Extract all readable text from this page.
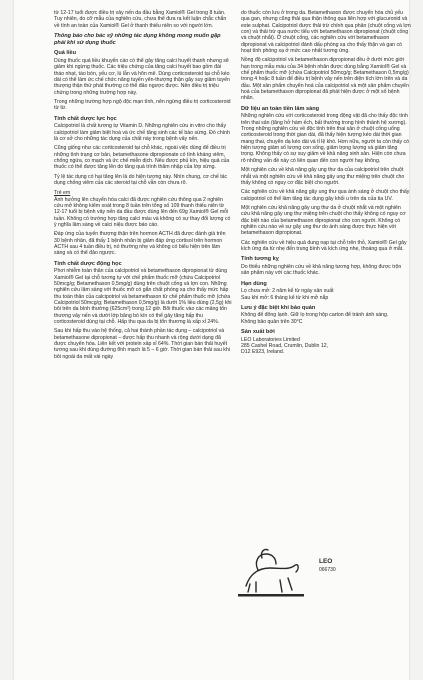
từ 12-17 tuổi được điều trị vảy nến da đầu bằng Xamiol® Gel trong 8 tuần. Tuy nhiên, do cỡ mẫu của nghiên cứu, chưa thể đưa ra kết luận chắc chắn về tính an toàn của Xamiol® Gel ở thanh thiếu niên so với người lớn.

Thông báo cho bác sỹ những tác dụng không mong muốn gặp phải khi sử dụng thuốc
Quá liều

Dùng thuốc quá liều khuyến cáo có thể gây tăng calci huyết thanh nhưng sẽ giảm khi ngừng thuốc. Các triệu chứng của tăng calci huyết bao gồm đái tháo nhạt, táo bón, yếu cơ, lú lẫn và hôn mê. Dùng corticosteroid tại chỗ kéo dài có thể làm ức chế chức năng tuyến yên-thượng thận gây suy giảm tuyến thượng thận thứ phát thường có thể đảo ngược được. Nên điều trị triệu chứng trong những trường hợp này.

Trong những trường hợp ngộ độc mạn tính, nên ngừng điều trị corticosteroid từ từ.

Tính chất dược lực học

Calcipotriol là chất tương tự Vitamin D. Những nghiên cứu in vitro cho thấy calcipotriol làm giảm biệt hoá và ức chế tăng sinh các tế bào sừng. Đó chính là cơ sở cho những tác dụng của chất này trong bệnh vảy nến.

Cũng giống như các corticosteroid tại chỗ khác, ngoài việc dùng để điều trị những tình trạng cơ bản, betamethasone dipropionate có tính kháng viêm, chống ngứa, co mạch và ức chế miễn dịch. Nếu được phủ kín, hiệu quả của thuốc có thể được tăng lên do tăng quá trình thâm nhập của lớp sừng.

Tỷ lệ tác dụng có hại tăng lên là do hiện tượng này. Nhìn chung, cơ chế tác dụng chống viêm của các steroid tại chỗ vẫn còn chưa rõ.

Trẻ em

Ảnh hưởng lên chuyển hóa calci đã được nghiên cứu thông qua 2 nghiên cứu mở không kiểm soát trong 8 tuần trên tổng số 109 thanh thiếu niên từ 12-17 tuổi bị bệnh vảy nến da đầu được dùng lên đến 69g Xamiol® Gel mỗi tuần. Không có trường hợp tăng calci máu và không có sự thay đổi lượng có ý nghĩa lâm sàng về calci niệu được báo cáo.

Đáp ứng của tuyến thượng thận trên hormon ACTH đã được đánh giá trên 30 bệnh nhân, đã thấy 1 bệnh nhân bị giảm đáp ứng cortisol trên hormon ACTH sau 4 tuần điều trị, nó thường nhẹ và không có biểu hiện trên lâm sàng và có thể đảo ngược.

Tính chất dược động học

Phơi nhiễm toàn thân của calcipotriol và betamethason dipropionat từ dùng Xamiol® Gel tại chỗ tương tự với chế phẩm thuốc mỡ (chứa Calcipotriol 50mcg/g; Betamethason 0,5mg/g) dùng trên chuột cống và lợn con. Những nghiên cứu lâm sàng với thuốc mỡ có gắn chất phóng xạ cho thấy mức hấp thu toàn thân của calcipotriol và betamethason từ chế phẩm thuốc mỡ (chứa Calcipotriol 50mcg/g; Betamethason 0,5mg/g) là dưới 1% liều dùng (2,5g) khi bôi trên da bình thường (625cm²) trong 12 giờ. Bôi thuốc vào các mảng tổn thương vảy nến và dưới lớp băng bó kín có thể gây tăng hấp thu corticosteroid dùng tại chỗ. Hấp thu qua da bị tổn thương là xấp xỉ 24%.

Sau khi hấp thu vào hệ thống, cả hai thành phần tác dụng – calcipotriol và betamethasone dipropionat – được hấp thu nhanh và rộng dưới dạng đã được chuyển hóa. Liên kết với protein xấp xỉ 64%. Thời gian bán thải huyết tương sau khi dùng đường tĩnh mạch là 5 – 6 giờ. Thời gian bán thải sau khi bôi ngoài da mất vài ngày

do thuốc còn lưu ở trong da. Betamethason được chuyển hóa chủ yếu qua gan, nhưng cũng thải qua thận thông qua liên hợp với glucuronid và este sulphat. Calcipotriol được thải trừ chính qua phân (chuột cống và lợn con) và thải trừ qua nước tiểu với betamethason dipropionat (chuột cống và chuột nhắt). Ở chuột cống, các nghiên cứu với betamethason dipropionat và calcipotriol đánh dấu phóng xạ cho thấy thận và gan có hoạt tính phóng xạ ở mức cao nhất tương ứng.

Nồng độ calcipotriol và betamethason dipropionat đều ở dưới mức giới hạn trong mẫu máu của 34 bệnh nhân được dùng bằng Xamiol® Gel và chế phẩm thuốc mỡ (chứa Calcipotriol 50mcg/g; Betamethason 0,5mg/g) trong 4 hoặc 8 tuần để điều trị bệnh vảy nến trên diện tích lớn trên và da đầu. Một sản phẩm chuyển hoá của calcipotriol và một sản phẩm chuyển hoá của betamethason dipropionat đã phát hiện được ở một số bệnh nhân.

Dữ liệu an toàn tiền lâm sàng

Những nghiên cứu với corticosteroid trong động vật đã cho thấy độc tính trên thai sản (tăng hở hàm ếch, bất thường trong hình thành hệ xương). Trong những nghiên cứu về độc tính trên thai sản ở chuột cống uống corticosteroid trong thời gian dài, đã thấy hiện tượng kéo dài thời gian mang thai, chuyển dạ kéo dài và tỉ lệ khó. Hơn nữa, người ta còn thấy có hiện tượng giảm số lượng con sống, giảm trọng lượng và giảm tăng trọng. Không thấy có sự suy giảm về khả năng sinh sản. Hiện còn chưa rõ những vấn đề này có liên quan đến con người hay không.

Một nghiên cứu về khả năng gây ung thư da của calcipotriol trên chuột nhắt và một nghiên cứu về khả năng gây ung thư miệng trên chuột cho thấy không có nguy cơ đặc biệt cho người.

Các nghiên cứu về khả năng gây ung thư qua ánh sáng ở chuột cho thấy calcipotriol có thể làm tăng tác dụng gây khối u trên da của tia UV.

Một nghiên cứu khả năng gây ung thư da ở chuột nhắt và một nghiên cứu khả năng gây ung thư miệng trên chuột cho thấy không có nguy cơ đặc biệt nào của betamethason dipropionat cho con người. Không có nghiên cứu nào về sự gây ung thư do ánh sáng được thực hiện với betamethason dipropionat.

Các nghiên cứu về hiệu quả dung nạp tại chỗ trên thỏ, Xamiol® Gel gây kích ứng da từ nhẹ đến trung bình và kích ứng nhẹ, thoáng qua ở mắt.

Tính tương kỵ

Do thiếu những nghiên cứu về khả năng tương hợp, không được trộn sản phẩm này với các thuốc khác.

Hạn dùng

Lọ chưa mở: 2 năm kể từ ngày sản xuất

Sau khi mở: 6 tháng kể từ khi mở nắp

Lưu ý đặc biệt khi bảo quản

Không để đông lạnh. Giữ lọ trong hộp carton để tránh ánh sáng.

Không bảo quản trên 30°C

Sản xuất bởi

LEO Laboratories Limited

285 Cashel Road, Crumlin, Dublin 12,

D12 E923, Ireland.

LEO
066730
